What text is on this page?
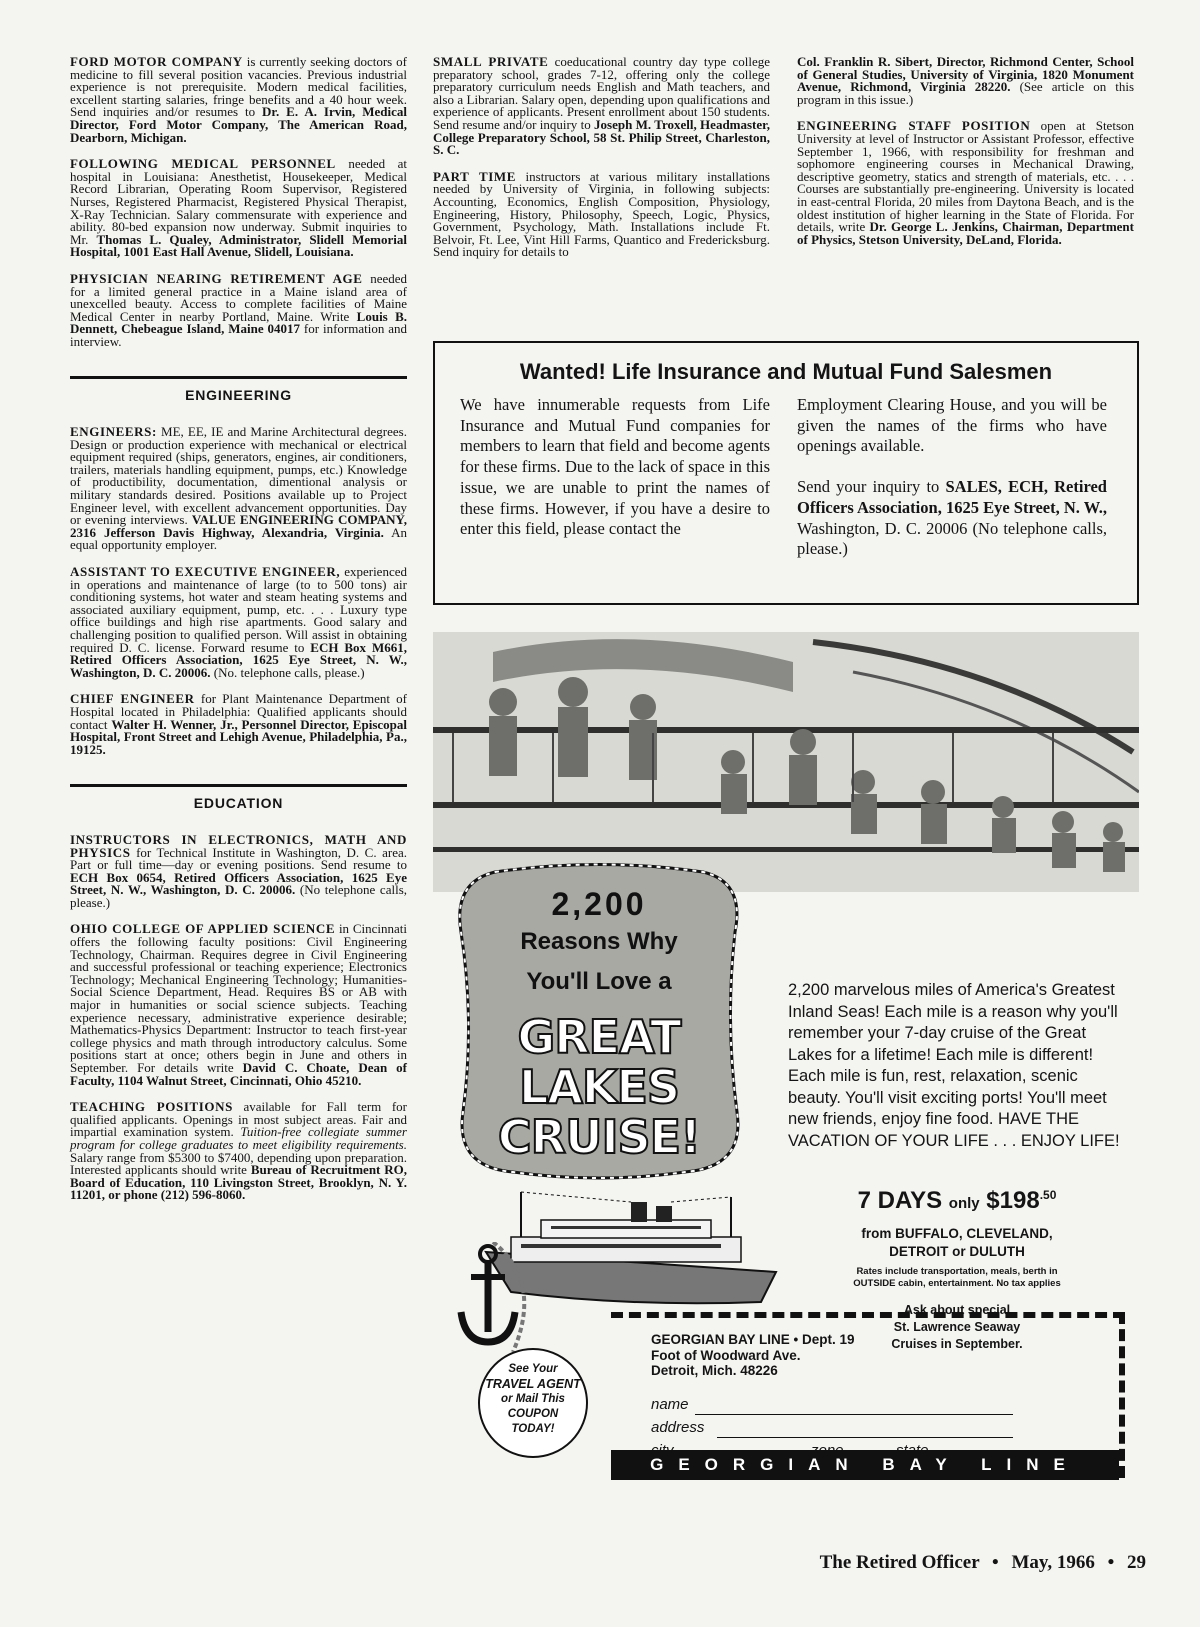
FORD MOTOR COMPANY is currently seeking doctors of medicine to fill several position vacancies. Previous industrial experience is not prerequisite. Modern medical facilities, excellent starting salaries, fringe benefits and a 40 hour week. Send inquiries and/or resumes to Dr. E. A. Irvin, Medical Director, Ford Motor Company, The American Road, Dearborn, Michigan.

FOLLOWING MEDICAL PERSONNEL needed at hospital in Louisiana: Anesthetist, Housekeeper, Medical Record Librarian, Operating Room Supervisor, Registered Nurses, Registered Pharmacist, Registered Physical Therapist, X-Ray Technician. Salary commensurate with experience and ability. 80-bed expansion now underway. Submit inquiries to Mr. Thomas L. Qualey, Administrator, Slidell Memorial Hospital, 1001 East Hall Avenue, Slidell, Louisiana.

PHYSICIAN NEARING RETIREMENT AGE needed for a limited general practice in a Maine island area of unexcelled beauty. Access to complete facilities of Maine Medical Center in nearby Portland, Maine. Write Louis B. Dennett, Chebeague Island, Maine 04017 for information and interview.

ENGINEERING

ENGINEERS: ME, EE, IE and Marine Architectural degrees. Design or production experience with mechanical or electrical equipment required (ships, generators, engines, air conditioners, trailers, materials handling equipment, pumps, etc.) Knowledge of productibility, documentation, dimentional analysis or military standards desired. Positions available up to Project Engineer level, with excellent advancement opportunities. Day or evening interviews. VALUE ENGINEERING COMPANY, 2316 Jefferson Davis Highway, Alexandria, Virginia. An equal opportunity employer.

ASSISTANT TO EXECUTIVE ENGINEER, experienced in operations and maintenance of large (to to 500 tons) air conditioning systems, hot water and steam heating systems and associated auxiliary equipment, pump, etc. . . . Luxury type office buildings and high rise apartments. Good salary and challenging position to qualified person. Will assist in obtaining required D. C. license. Forward resume to ECH Box M661, Retired Officers Association, 1625 Eye Street, N. W., Washington, D. C. 20006. (No. telephone calls, please.)

CHIEF ENGINEER for Plant Maintenance Department of Hospital located in Philadelphia: Qualified applicants should contact Walter H. Wenner, Jr., Personnel Director, Episcopal Hospital, Front Street and Lehigh Avenue, Philadelphia, Pa., 19125.

EDUCATION

INSTRUCTORS IN ELECTRONICS, MATH AND PHYSICS for Technical Institute in Washington, D. C. area. Part or full time—day or evening positions. Send resume to ECH Box 0654, Retired Officers Association, 1625 Eye Street, N. W., Washington, D. C. 20006. (No telephone calls, please.)

OHIO COLLEGE OF APPLIED SCIENCE in Cincinnati offers the following faculty positions: Civil Engineering Technology, Chairman. Requires degree in Civil Engineering and successful professional or teaching experience; Electronics Technology; Mechanical Engineering Technology; Humanities-Social Science Department, Head. Requires BS or AB with major in humanities or social science subjects. Teaching experience necessary, administrative experience desirable; Mathematics-Physics Department: Instructor to teach first-year college physics and math through introductory calculus. Some positions start at once; others begin in June and others in September. For details write David C. Choate, Dean of Faculty, 1104 Walnut Street, Cincinnati, Ohio 45210.

TEACHING POSITIONS available for Fall term for qualified applicants. Openings in most subject areas. Fair and impartial examination system. Tuition-free collegiate summer program for college graduates to meet eligibility requirements. Salary range from $5300 to $7400, depending upon preparation. Interested applicants should write Bureau of Recruitment RO, Board of Education, 110 Livingston Street, Brooklyn, N. Y. 11201, or phone (212) 596-8060.

SMALL PRIVATE coeducational country day type college preparatory school, grades 7-12, offering only the college preparatory curriculum needs English and Math teachers, and also a Librarian. Salary open, depending upon qualifications and experience of applicants. Present enrollment about 150 students. Send resume and/or inquiry to Joseph M. Troxell, Headmaster, College Preparatory School, 58 St. Philip Street, Charleston, S. C.

PART TIME instructors at various military installations needed by University of Virginia, in following subjects: Accounting, Economics, English Composition, Physiology, Engineering, History, Philosophy, Speech, Logic, Physics, Government, Psychology, Math. Installations include Ft. Belvoir, Ft. Lee, Vint Hill Farms, Quantico and Fredericksburg. Send inquiry for details to

Col. Franklin R. Sibert, Director, Richmond Center, School of General Studies, University of Virginia, 1820 Monument Avenue, Richmond, Virginia 28220. (See article on this program in this issue.)

ENGINEERING STAFF POSITION open at Stetson University at level of Instructor or Assistant Professor, effective September 1, 1966, with responsibility for freshman and sophomore engineering courses in Mechanical Drawing, descriptive geometry, statics and strength of materials, etc. . . . Courses are substantially pre-engineering. University is located in east-central Florida, 20 miles from Daytona Beach, and is the oldest institution of higher learning in the State of Florida. For details, write Dr. George L. Jenkins, Chairman, Department of Physics, Stetson University, DeLand, Florida.

Wanted! Life Insurance and Mutual Fund Salesmen

We have innumerable requests from Life Insurance and Mutual Fund companies for members to learn that field and become agents for these firms. Due to the lack of space in this issue, we are unable to print the names of these firms. However, if you have a desire to enter this field, please contact the

Employment Clearing House, and you will be given the names of the firms who have openings available.

Send your inquiry to SALES, ECH, Retired Officers Association, 1625 Eye Street, N. W., Washington, D. C. 20006 (No telephone calls, please.)

2,200
Reasons Why
You'll Love a
GREAT
LAKES
CRUISE!
2,200 marvelous miles of America's Greatest Inland Seas! Each mile is a reason why you'll remember your 7-day cruise of the Great Lakes for a lifetime! Each mile is different! Each mile is fun, rest, relaxation, scenic beauty. You'll visit exciting ports! You'll meet new friends, enjoy fine food. HAVE THE VACATION OF YOUR LIFE . . . ENJOY LIFE!
7 DAYS only $\$198^{.50}$
from BUFFALO, CLEVELAND,
DETROIT or DULUTH
Rates include transportation, meals, berth in
OUTSIDE cabin, entertainment. No tax applies
Ask about special
St. Lawrence Seaway
Cruises in September.
See Your
TRAVEL AGENT
or Mail This
COUPON
TODAY!
GEORGIAN BAY LINE • Dept. 19
Foot of Woodward Ave.
Detroit, Mich. 48226
name
address
GEORGIAN BAY LINE
The Retired Officer • May, 1966 • 29
